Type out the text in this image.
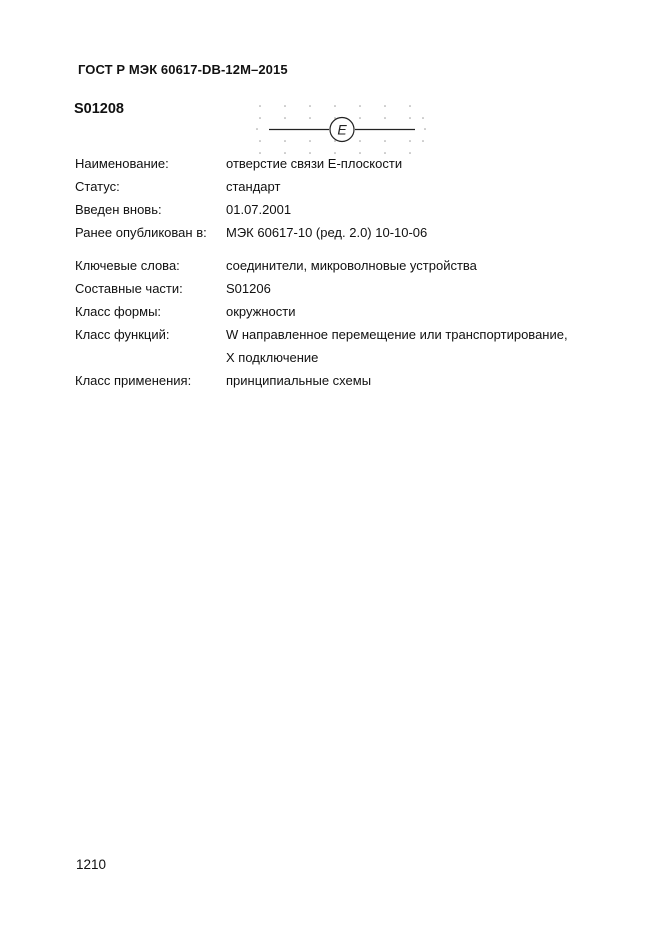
ГОСТ Р МЭК 60617-DB-12M–2015
S01208
E
Наименование:	отверстие связи E-плоскости
Статус:	стандарт
Введен вновь:	01.07.2001
Ранее опубликован в:	МЭК 60617-10 (ред. 2.0) 10-10-06
Ключевые слова:	соединители, микроволновые устройства
Составные части:	S01206
Класс формы:	окружности
Класс функций:	W направленное перемещение или транспортирование,
X подключение
Класс применения:	принципиальные схемы
1210
